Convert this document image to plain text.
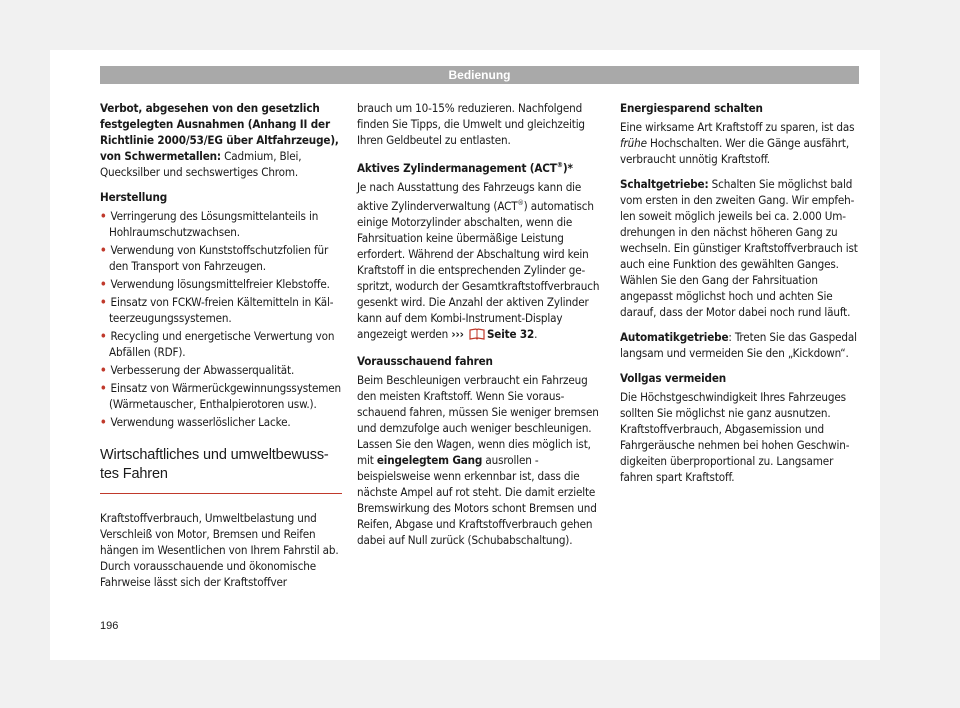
Bedienung

Verbot, abgesehen von den gesetzlich festgelegten Ausnahmen (Anhang II der Richtlinie 2000/53/EG über Altfahrzeuge), von Schwermetallen: Cadmium, Blei, Quecksilber und sechswertiges Chrom.

Herstellung
• Verringerung des Lösungsmittelanteils in Hohlraumschutzwachsen.
• Verwendung von Kunststoffschutzfolien für den Transport von Fahrzeugen.
• Verwendung lösungsmittelfreier Klebstoffe.
• Einsatz von FCKW-freien Kältemitteln in Kälteerzeugungssystemen.
• Recycling und energetische Verwertung von Abfällen (RDF).
• Verbesserung der Abwasserqualität.
• Einsatz von Wärmerückgewinnungssystemen (Wärmetauscher, Enthalpierotoren usw.).
• Verwendung wasserlöslicher Lacke.
Wirtschaftliches und umweltbewusstes Fahren

Kraftstoffverbrauch, Umweltbelastung und Verschleiß von Motor, Bremsen und Reifen hängen im Wesentlichen von Ihrem Fahrstil ab. Durch vorausschauende und ökonomische Fahrweise lässt sich der Kraftstoffver

brauch um 10-15% reduzieren. Nachfolgend finden Sie Tipps, die Umwelt und gleichzeitig Ihren Geldbeutel zu entlasten.

Aktives Zylindermanagement (ACT®)*

Je nach Ausstattung des Fahrzeugs kann die aktive Zylinderverwaltung (ACT®) automatisch einige Motorzylinder abschalten, wenn die Fahrsituation keine übermäßige Leistung erfordert. Während der Abschaltung wird kein Kraftstoff in die entsprechenden Zylinder gespritzt, wodurch der Gesamtkraftstoffverbrauch gesenkt wird. Die Anzahl der aktiven Zylinder kann auf dem Kombi-Instrument-Display angezeigt werden ››› Seite 32.

Vorausschauend fahren

Beim Beschleunigen verbraucht ein Fahrzeug den meisten Kraftstoff. Wenn Sie vorausschauend fahren, müssen Sie weniger bremsen und demzufolge auch weniger beschleunigen. Lassen Sie den Wagen, wenn dies möglich ist, mit eingelegtem Gang ausrollen - beispielsweise wenn erkennbar ist, dass die nächste Ampel auf rot steht. Die damit erzielte Bremswirkung des Motors schont Bremsen und Reifen, Abgase und Kraftstoffverbrauch gehen dabei auf Null zurück (Schubabschaltung).

Energiesparend schalten

Eine wirksame Art Kraftstoff zu sparen, ist das frühe Hochschalten. Wer die Gänge ausfährt, verbraucht unnötig Kraftstoff.

Schaltgetriebe: Schalten Sie möglichst bald vom ersten in den zweiten Gang. Wir empfehlen soweit möglich jeweils bei ca. 2.000 Umdrehungen in den nächst höheren Gang zu wechseln. Ein günstiger Kraftstoffverbrauch ist auch eine Funktion des gewählten Ganges. Wählen Sie den Gang der Fahrsituation angepasst möglichst hoch und achten Sie darauf, dass der Motor dabei noch rund läuft.

Automatikgetriebe: Treten Sie das Gaspedal langsam und vermeiden Sie den „Kickdown“.

Vollgas vermeiden

Die Höchstgeschwindigkeit Ihres Fahrzeuges sollten Sie möglichst nie ganz ausnutzen. Kraftstoffverbrauch, Abgasemission und Fahrgeräusche nehmen bei hohen Geschwindigkeiten überproportional zu. Langsamer fahren spart Kraftstoff.

196
